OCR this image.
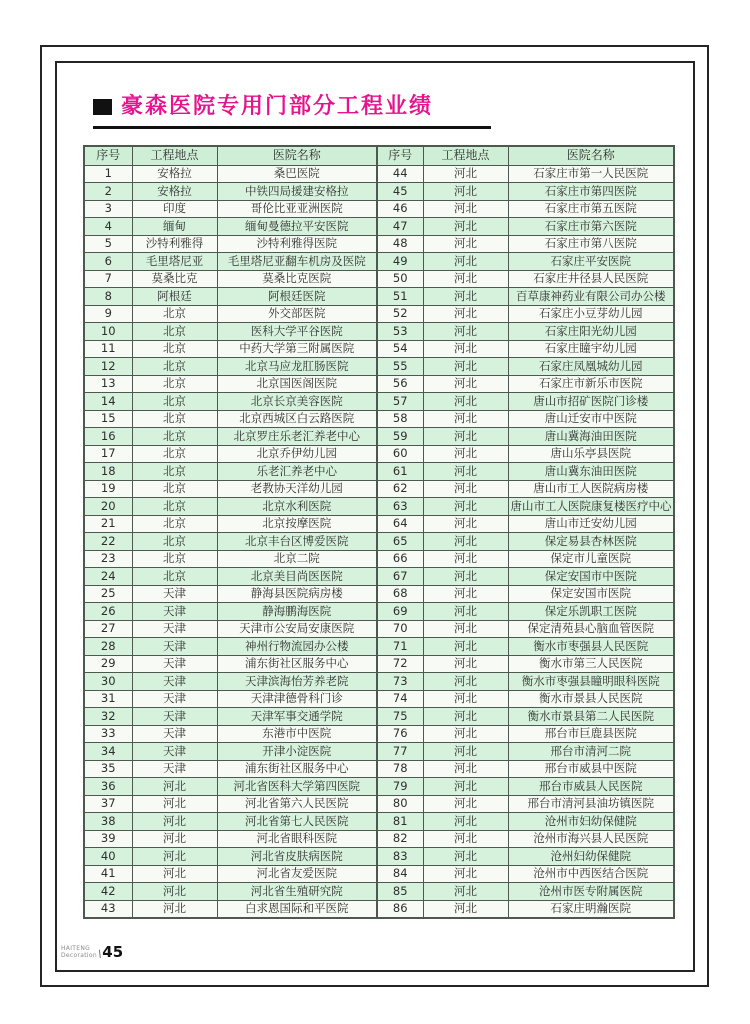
豪森医院专用门部分工程业绩
序号	工程地点	医院名称	序号	工程地点	医院名称
1	安格拉	桑巴医院	44	河北	石家庄市第一人民医院
2	安格拉	中铁四局援建安格拉	45	河北	石家庄市第四医院
3	印度	哥伦比亚亚洲医院	46	河北	石家庄市第五医院
4	缅甸	缅甸曼德拉平安医院	47	河北	石家庄市第六医院
5	沙特利雅得	沙特利雅得医院	48	河北	石家庄市第八医院
6	毛里塔尼亚	毛里塔尼亚翻车机房及医院	49	河北	石家庄平安医院
7	莫桑比克	莫桑比克医院	50	河北	石家庄井径县人民医院
8	阿根廷	阿根廷医院	51	河北	百草康神药业有限公司办公楼
9	北京	外交部医院	52	河北	石家庄小豆芽幼儿园
10	北京	医科大学平谷医院	53	河北	石家庄阳光幼儿园
11	北京	中药大学第三附属医院	54	河北	石家庄瞳宇幼儿园
12	北京	北京马应龙肛肠医院	55	河北	石家庄凤凰城幼儿园
13	北京	北京国医阁医院	56	河北	石家庄市新乐市医院
14	北京	北京长京美容医院	57	河北	唐山市招矿医院门诊楼
15	北京	北京西城区白云路医院	58	河北	唐山迁安市中医院
16	北京	北京罗庄乐老汇养老中心	59	河北	唐山冀海油田医院
17	北京	北京乔伊幼儿园	60	河北	唐山乐亭县医院
18	北京	乐老汇养老中心	61	河北	唐山冀东油田医院
19	北京	老教协天洋幼儿园	62	河北	唐山市工人医院病房楼
20	北京	北京水利医院	63	河北	唐山市工人医院康复楼医疗中心
21	北京	北京按摩医院	64	河北	唐山市迁安幼儿园
22	北京	北京丰台区博爱医院	65	河北	保定易县杏林医院
23	北京	北京二院	66	河北	保定市儿童医院
24	北京	北京美目尚医医院	67	河北	保定安国市中医院
25	天津	静海县医院病房楼	68	河北	保定安国市医院
26	天津	静海鹏海医院	69	河北	保定乐凯职工医院
27	天津	天津市公安局安康医院	70	河北	保定清苑县心脑血管医院
28	天津	神州行物流园办公楼	71	河北	衡水市枣强县人民医院
29	天津	浦东街社区服务中心	72	河北	衡水市第三人民医院
30	天津	天津滨海怡芳养老院	73	河北	衡水市枣强县瞳明眼科医院
31	天津	天津津德骨科门诊	74	河北	衡水市景县人民医院
32	天津	天津军事交通学院	75	河北	衡水市景县第二人民医院
33	天津	东港市中医院	76	河北	邢台市巨鹿县医院
34	天津	开津小淀医院	77	河北	邢台市清河二院
35	天津	浦东街社区服务中心	78	河北	邢台市威县中医院
36	河北	河北省医科大学第四医院	79	河北	邢台市威县人民医院
37	河北	河北省第六人民医院	80	河北	邢台市清河县油坊镇医院
38	河北	河北省第七人民医院	81	河北	沧州市妇幼保健院
39	河北	河北省眼科医院	82	河北	沧州市海兴县人民医院
40	河北	河北省皮肤病医院	83	河北	沧州妇幼保健院
41	河北	河北省友爱医院	84	河北	沧州市中西医结合医院
42	河北	河北省生殖研究院	85	河北	沧州市医专附属医院
43	河北	白求恩国际和平医院	86	河北	石家庄明瀚医院
HAITENG
Decoration \ 45
